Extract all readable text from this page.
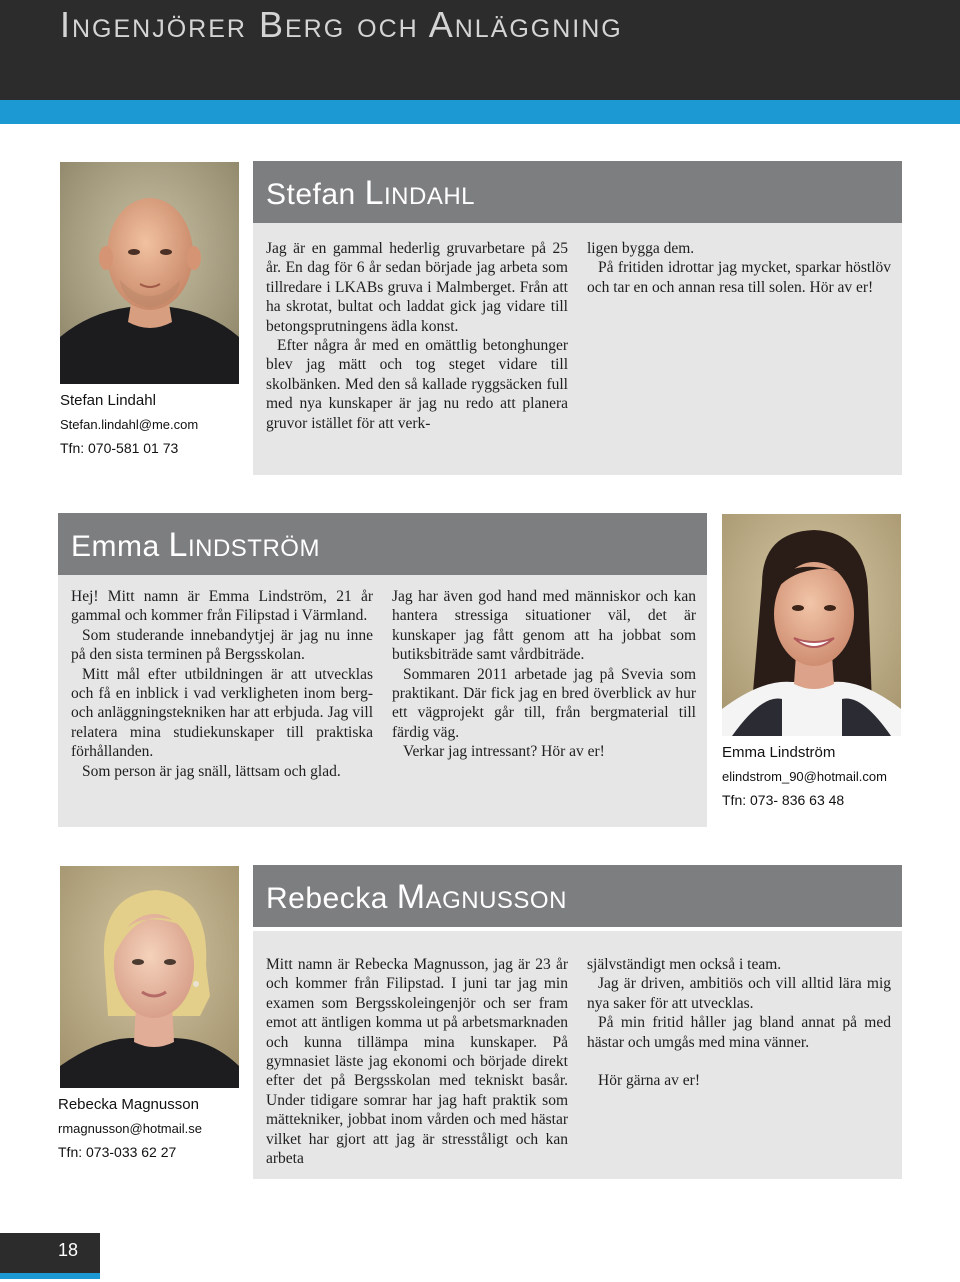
Ingenjörer Berg och Anläggning

Stefan Lindahl

Stefan.lindahl@me.com

Tfn: 070-581 01 73

Stefan Lindahl

Jag är en gammal hederlig gruvarbetare på 25 år. En dag för 6 år sedan började jag arbeta som tillredare i LKABs gruva i Malmberget. Från att ha skrotat, bultat och laddat gick jag vidare till betongsprutningens ädla konst.

Efter några år med en omättlig betonghunger blev jag mätt och tog steget vidare till skolbänken. Med den så kallade ryggsäcken full med nya kunskaper är jag nu redo att planera gruvor istället för att verk-

ligen bygga dem.

På fritiden idrottar jag mycket, sparkar höstlöv och tar en och annan resa till solen. Hör av er!

Emma Lindström

Hej! Mitt namn är Emma Lindström, 21 år gammal och kommer från Filipstad i Värmland.

Som studerande innebandytjej är jag nu inne på den sista terminen på Bergsskolan.

Mitt mål efter utbildningen är att utvecklas och få en inblick i vad verkligheten inom berg- och anläggningstekniken har att erbjuda. Jag vill relatera mina studiekunskaper till praktiska förhållanden.

Som person är jag snäll, lättsam och glad.

Jag har även god hand med människor och kan hantera stressiga situationer väl, det är kunskaper jag fått genom att ha jobbat som butiksbiträde samt vårdbiträde.

Sommaren 2011 arbetade jag på Svevia som praktikant. Där fick jag en bred överblick av hur ett vägprojekt går till, från bergmaterial till färdig väg.

Verkar jag intressant? Hör av er!	Emma Lindström

elindstrom_90@hotmail.com

Tfn: 073- 836 63 48

Rebecka Magnusson

rmagnusson@hotmail.se

Tfn: 073-033 62 27

Rebecka Magnusson

Mitt namn är Rebecka Magnusson, jag är 23 år och kommer från Filipstad. I juni tar jag min examen som Bergsskoleingenjör och ser fram emot att äntligen komma ut på arbetsmarknaden och kunna tillämpa mina kunskaper. På gymnasiet läste jag ekonomi och började direkt efter det på Bergsskolan med tekniskt basår. Under tidigare somrar har jag haft praktik som mättekniker, jobbat inom vården och med hästar vilket har gjort att jag är stresståligt och kan arbeta

självständigt men också i team.

Jag är driven, ambitiös och vill alltid lära mig nya saker för att utvecklas.

På min fritid håller jag bland annat på med hästar och umgås med mina vänner.

Hör gärna av er!

18
